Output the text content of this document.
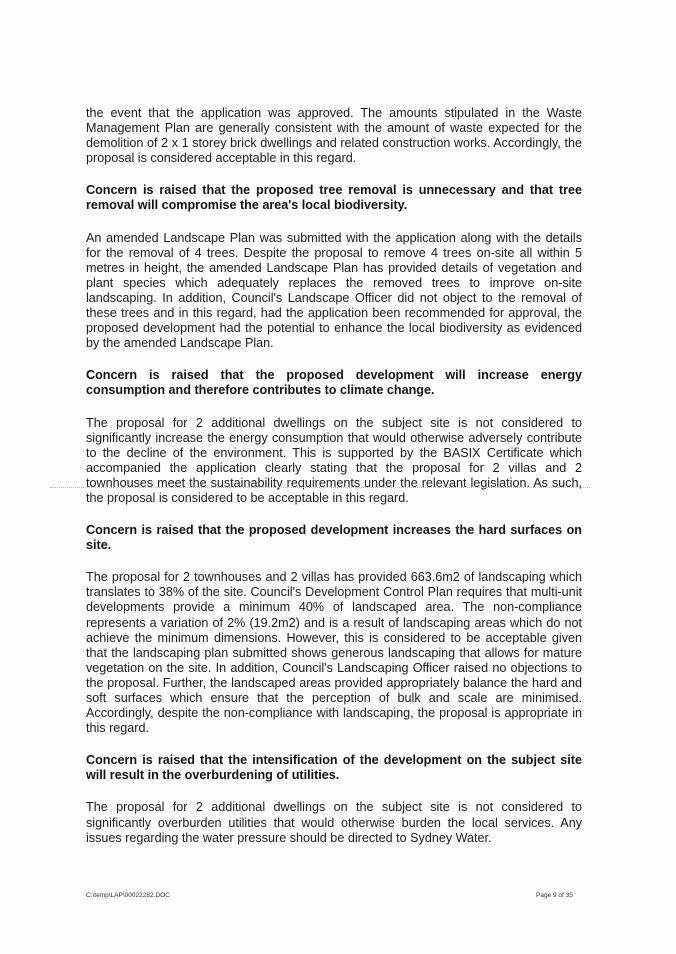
the event that the application was approved. The amounts stipulated in the Waste Management Plan are generally consistent with the amount of waste expected for the demolition of 2 x 1 storey brick dwellings and related construction works. Accordingly, the proposal is considered acceptable in this regard.

Concern is raised that the proposed tree removal is unnecessary and that tree removal will compromise the area's local biodiversity.

An amended Landscape Plan was submitted with the application along with the details for the removal of 4 trees. Despite the proposal to remove 4 trees on-site all within 5 metres in height, the amended Landscape Plan has provided details of vegetation and plant species which adequately replaces the removed trees to improve on-site landscaping. In addition, Council's Landscape Officer did not object to the removal of these trees and in this regard, had the application been recommended for approval, the proposed development had the potential to enhance the local biodiversity as evidenced by the amended Landscape Plan.

Concern is raised that the proposed development will increase energy consumption and therefore contributes to climate change.

The proposal for 2 additional dwellings on the subject site is not considered to significantly increase the energy consumption that would otherwise adversely contribute to the decline of the environment. This is supported by the BASIX Certificate which accompanied the application clearly stating that the proposal for 2 villas and 2 townhouses meet the sustainability requirements under the relevant legislation. As such, the proposal is considered to be acceptable in this regard.

Concern is raised that the proposed development increases the hard surfaces on site.

The proposal for 2 townhouses and 2 villas has provided 663.6m2 of landscaping which translates to 38% of the site. Council's Development Control Plan requires that multi-unit developments provide a minimum 40% of landscaped area. The non-compliance represents a variation of 2% (19.2m2) and is a result of landscaping areas which do not achieve the minimum dimensions. However, this is considered to be acceptable given that the landscaping plan submitted shows generous landscaping that allows for mature vegetation on the site. In addition, Council's Landscaping Officer raised no objections to the proposal. Further, the landscaped areas provided appropriately balance the hard and soft surfaces which ensure that the perception of bulk and scale are minimised. Accordingly, despite the non-compliance with landscaping, the proposal is appropriate in this regard.

Concern is raised that the intensification of the development on the subject site will result in the overburdening of utilities.

The proposal for 2 additional dwellings on the subject site is not considered to significantly overburden utilities that would otherwise burden the local services. Any issues regarding the water pressure should be directed to Sydney Water.

C:\temp\LAP\00022282.DOC	Page 9 of 35
